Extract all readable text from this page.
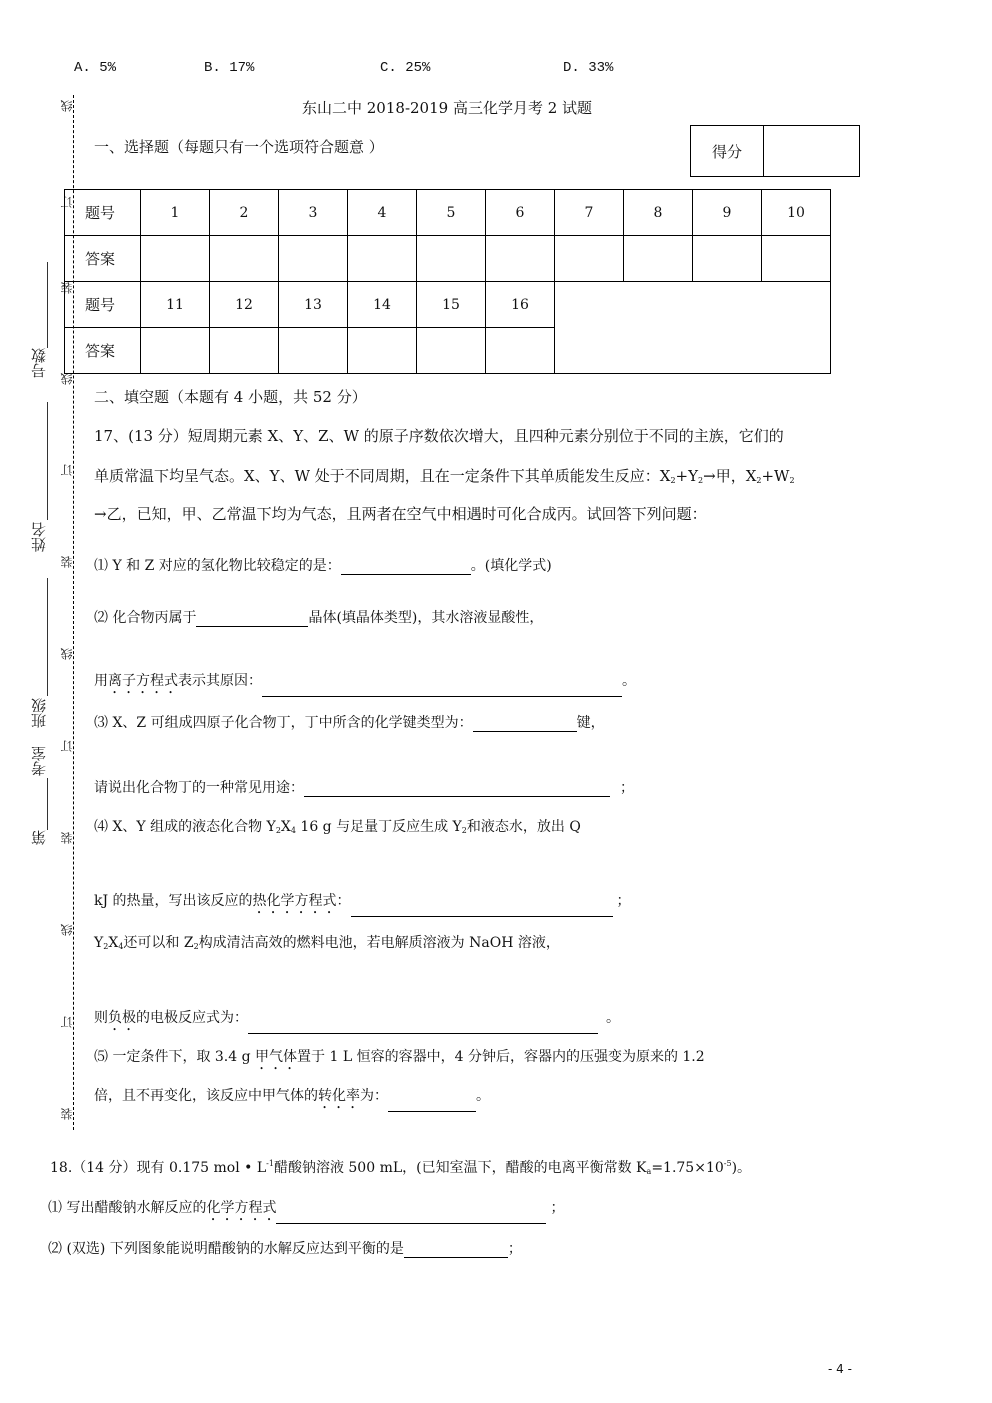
A. 5%	B. 17%	C. 25%	D. 33%
线
订
装
线
订
装
线
订
装
线
订
装
号数
姓名
班级
考室
第
东山二中 2018-2019 高三化学月考 2 试题
一、选择题（每题只有一个选项符合题意 ）	得分
题号	1	2	3	4	5	6	7	8	9	10
答案										
题号	11	12	13	14	15	16				
答案										
二、填空题（本题有 4 小题，共 52 分）
17、(13 分）短周期元素 X、Y、Z、W 的原子序数依次增大，且四种元素分别位于不同的主族，它们的
单质常温下均呈气态。X、Y、W 处于不同周期，且在一定条件下其单质能发生反应：$X_2+Y_2\to$甲，$X_2+W_2$
→乙，已知，甲、乙常温下均为气态，且两者在空气中相遇时可化合成丙。试回答下列问题：
⑴ Y 和 Z 对应的氢化物比较稳定的是：	。(填化学式)
⑵ 化合物丙属于	晶体(填晶体类型)，其水溶液显酸性，
用离子方程式表示其原因：	。
⑶ X、Z 可组成四原子化合物丁，丁中所含的化学键类型为：	键，
请说出化合物丁的一种常见用途：	；
⑷ X、Y 组成的液态化合物 $Y_2X_4$ 16 g 与足量丁反应生成 $Y_2$和液态水，放出 Q
kJ 的热量，写出该反应的热化学方程式：	；
$Y_2X_4$还可以和 $Z_2$构成清洁高效的燃料电池，若电解质溶液为 NaOH 溶液，
则负极的电极反应式为：	。
⑸ 一定条件下，取 3.4 g 甲气体置于 1 L 恒容的容器中，4 分钟后，容器内的压强变为原来的 1.2
倍，且不再变化，该反应中甲气体的转化率为：	。
18.（14 分）现有 0.175 mol • $L^{-1}$醋酸钠溶液 500 mL，(已知室温下，醋酸的电离平衡常数 $K_a=1.75\times 10^{-5}$)。
⑴ 写出醋酸钠水解反应的化学方程式	；
⑵ (双选) 下列图象能说明醋酸钠的水解反应达到平衡的是	；
- 4 -
